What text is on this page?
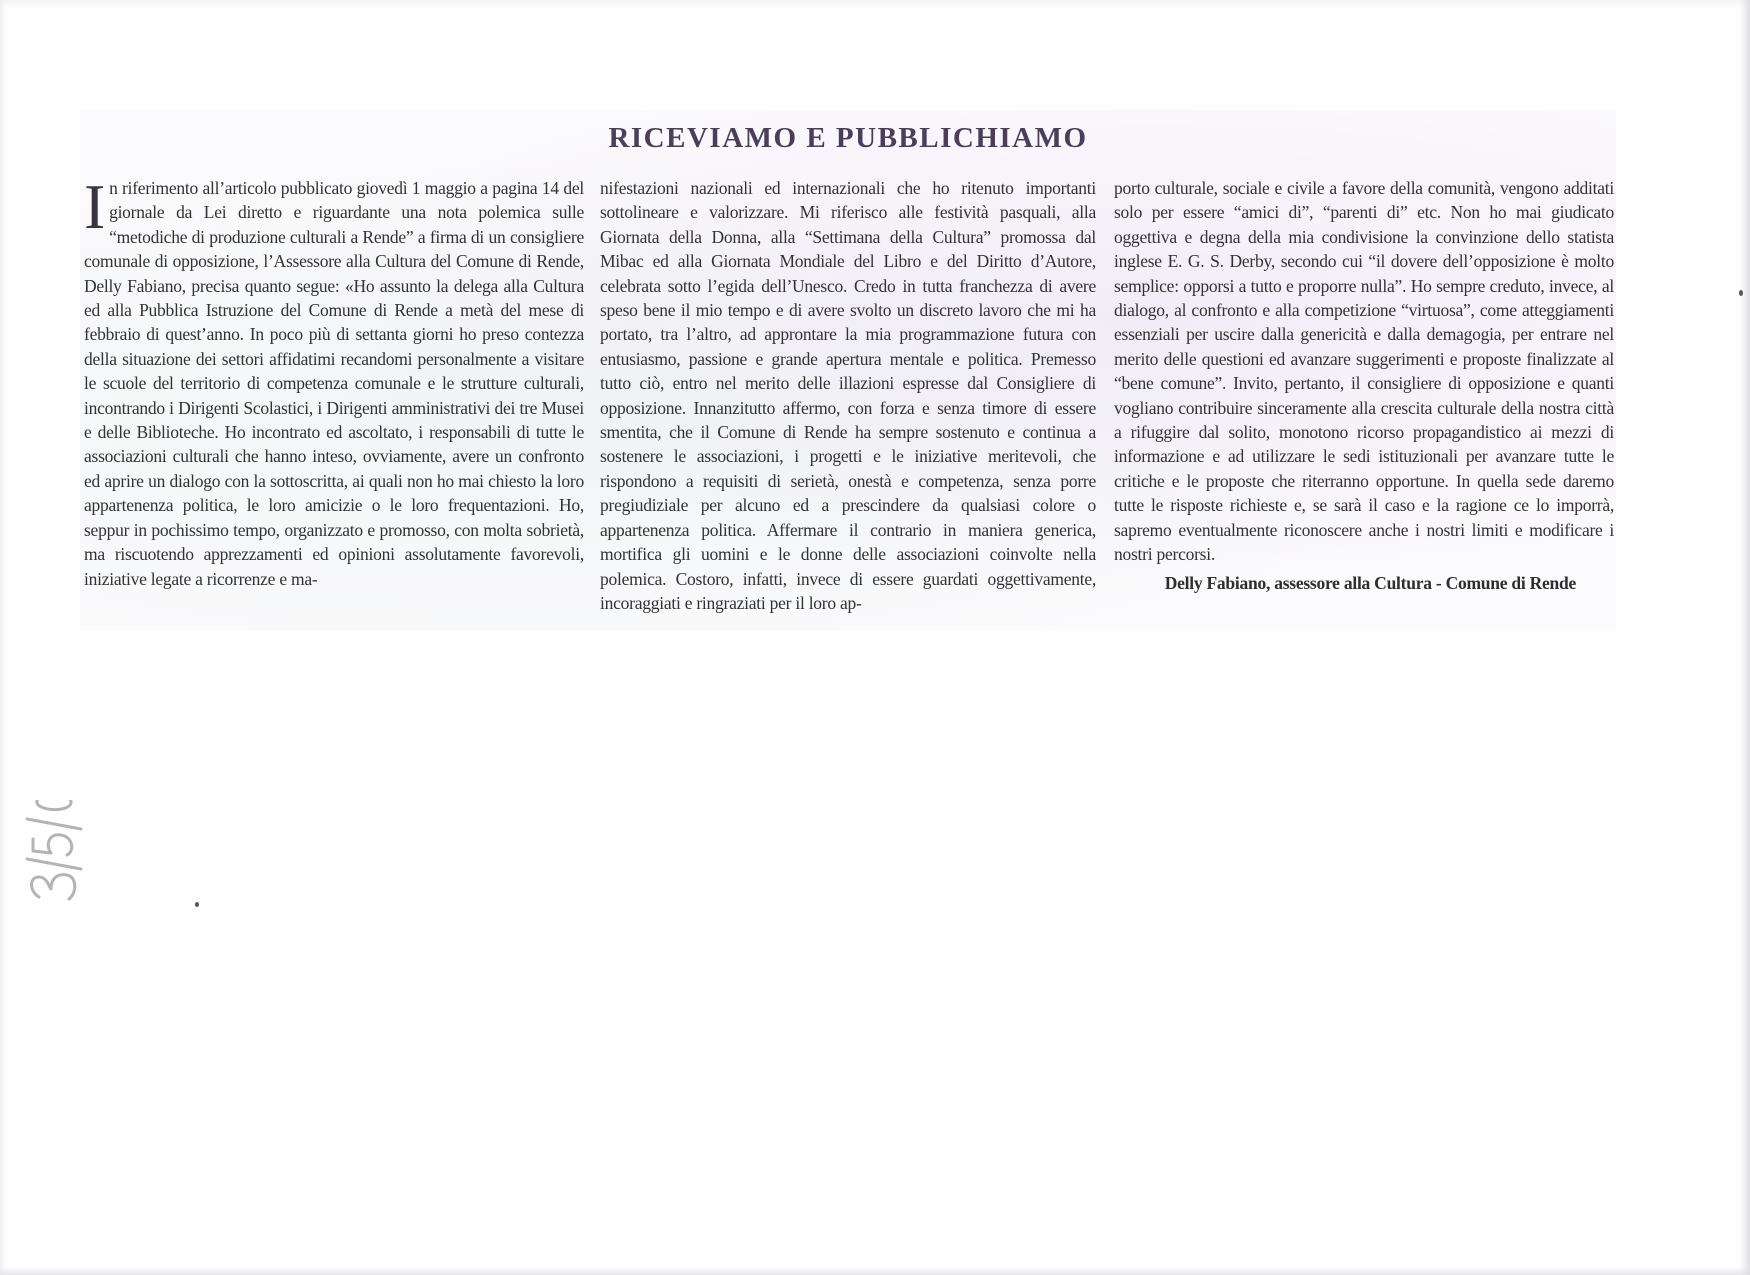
RICEVIAMO E PUBBLICHIAMO

In riferimento all’articolo pubblicato giovedì 1 maggio a pagina 14 del giornale da Lei diretto e riguardante una nota polemica sulle “metodiche di produzione culturali a Rende” a firma di un consigliere comunale di opposizione, l’Assessore alla Cultura del Comune di Rende, Delly Fabiano, precisa quanto segue: «Ho assunto la delega alla Cultura ed alla Pubblica Istruzione del Comune di Rende a metà del mese di febbraio di quest’anno. In poco più di settanta giorni ho preso contezza della situazione dei settori affidatimi recandomi personalmente a visitare le scuole del territorio di competenza comunale e le strutture culturali, incontrando i Dirigenti Scolastici, i Dirigenti amministrativi dei tre Musei e delle Biblioteche. Ho incontrato ed ascoltato, i responsabili di tutte le associazioni culturali che hanno inteso, ovviamente, avere un confronto ed aprire un dialogo con la sottoscritta, ai quali non ho mai chiesto la loro appartenenza politica, le loro amicizie o le loro frequentazioni. Ho, seppur in pochissimo tempo, organizzato e promosso, con molta sobrietà, ma riscuotendo apprezzamenti ed opinioni assolutamente favorevoli, iniziative legate a ricorrenze e ma-

nifestazioni nazionali ed internazionali che ho ritenuto importanti sottolineare e valorizzare. Mi riferisco alle festività pasquali, alla Giornata della Donna, alla “Settimana della Cultura” promossa dal Mibac ed alla Giornata Mondiale del Libro e del Diritto d’Autore, celebrata sotto l’egida dell’Unesco. Credo in tutta franchezza di avere speso bene il mio tempo e di avere svolto un discreto lavoro che mi ha portato, tra l’altro, ad approntare la mia programmazione futura con entusiasmo, passione e grande apertura mentale e politica. Premesso tutto ciò, entro nel merito delle illazioni espresse dal Consigliere di opposizione. Innanzitutto affermo, con forza e senza timore di essere smentita, che il Comune di Rende ha sempre sostenuto e continua a sostenere le associazioni, i progetti e le iniziative meritevoli, che rispondono a requisiti di serietà, onestà e competenza, senza porre pregiudiziale per alcuno ed a prescindere da qualsiasi colore o appartenenza politica. Affermare il contrario in maniera generica, mortifica gli uomini e le donne delle associazioni coinvolte nella polemica. Costoro, infatti, invece di essere guardati oggettivamente, incoraggiati e ringraziati per il loro ap-

porto culturale, sociale e civile a favore della comunità, vengono additati solo per essere “amici di”, “parenti di” etc. Non ho mai giudicato oggettiva e degna della mia condivisione la convinzione dello statista inglese E. G. S. Derby, secondo cui “il dovere dell’opposizione è molto semplice: opporsi a tutto e proporre nulla”. Ho sempre creduto, invece, al dialogo, al confronto e alla competizione “virtuosa”, come atteggiamenti essenziali per uscire dalla genericità e dalla demagogia, per entrare nel merito delle questioni ed avanzare suggerimenti e proposte finalizzate al “bene comune”. Invito, pertanto, il consigliere di opposizione e quanti vogliano contribuire sinceramente alla crescita culturale della nostra città a rifuggire dal solito, monotono ricorso propagandistico ai mezzi di informazione e ad utilizzare le sedi istituzionali per avanzare tutte le critiche e le proposte che riterranno opportune. In quella sede daremo tutte le risposte richieste e, se sarà il caso e la ragione ce lo imporrà, sapremo eventualmente riconoscere anche i nostri limiti e modificare i nostri percorsi.
Delly Fabiano, assessore alla Cultura - Comune di Rende
